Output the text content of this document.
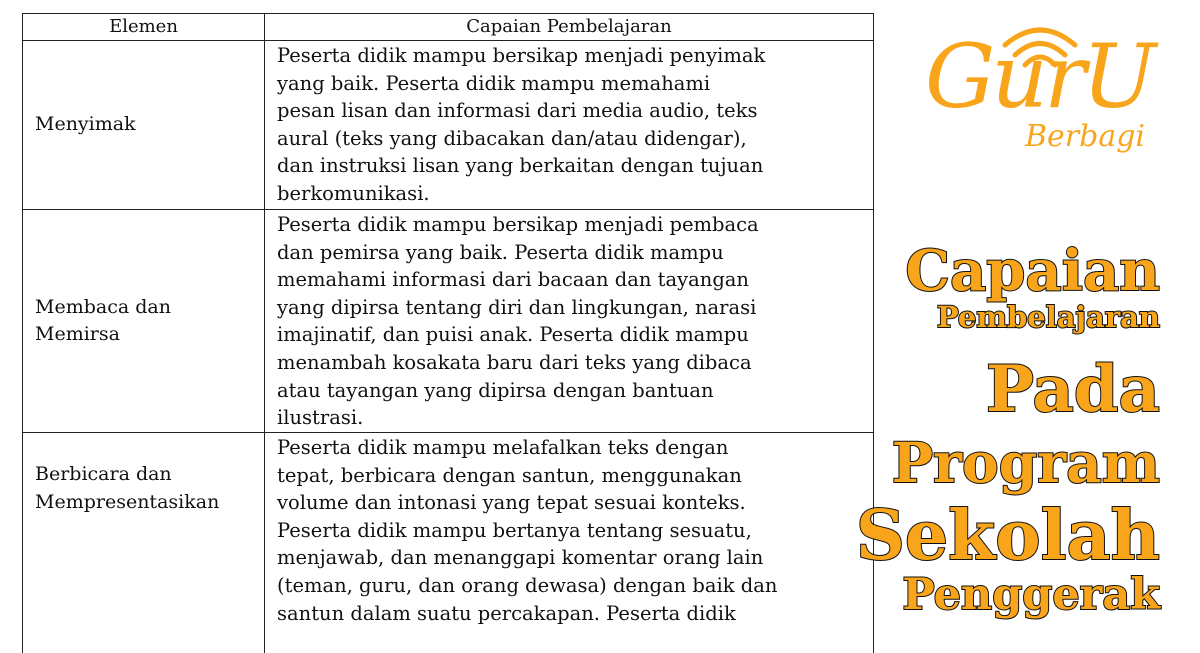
Elemen	Capaian Pembelajaran
Menyimak
Peserta didik mampu bersikap menjadi penyimak
yang baik. Peserta didik mampu memahami
pesan lisan dan informasi dari media audio, teks
aural (teks yang dibacakan dan/atau didengar),
dan instruksi lisan yang berkaitan dengan tujuan
berkomunikasi.
Membaca dan Memirsa
Peserta didik mampu bersikap menjadi pembaca
dan pemirsa yang baik. Peserta didik mampu
memahami informasi dari bacaan dan tayangan
yang dipirsa tentang diri dan lingkungan, narasi
imajinatif, dan puisi anak. Peserta didik mampu
menambah kosakata baru dari teks yang dibaca
atau tayangan yang dipirsa dengan bantuan
ilustrasi.
Berbicara dan Mempresentasikan
Peserta didik mampu melafalkan teks dengan
tepat, berbicara dengan santun, menggunakan
volume dan intonasi yang tepat sesuai konteks.
Peserta didik mampu bertanya tentang sesuatu,
menjawab, dan menanggapi komentar orang lain
(teman, guru, dan orang dewasa) dengan baik dan
santun dalam suatu percakapan. Peserta didik
GurU
Berbagi
Capaian
Pembelajaran
Pada
Program
Sekolah
Penggerak
